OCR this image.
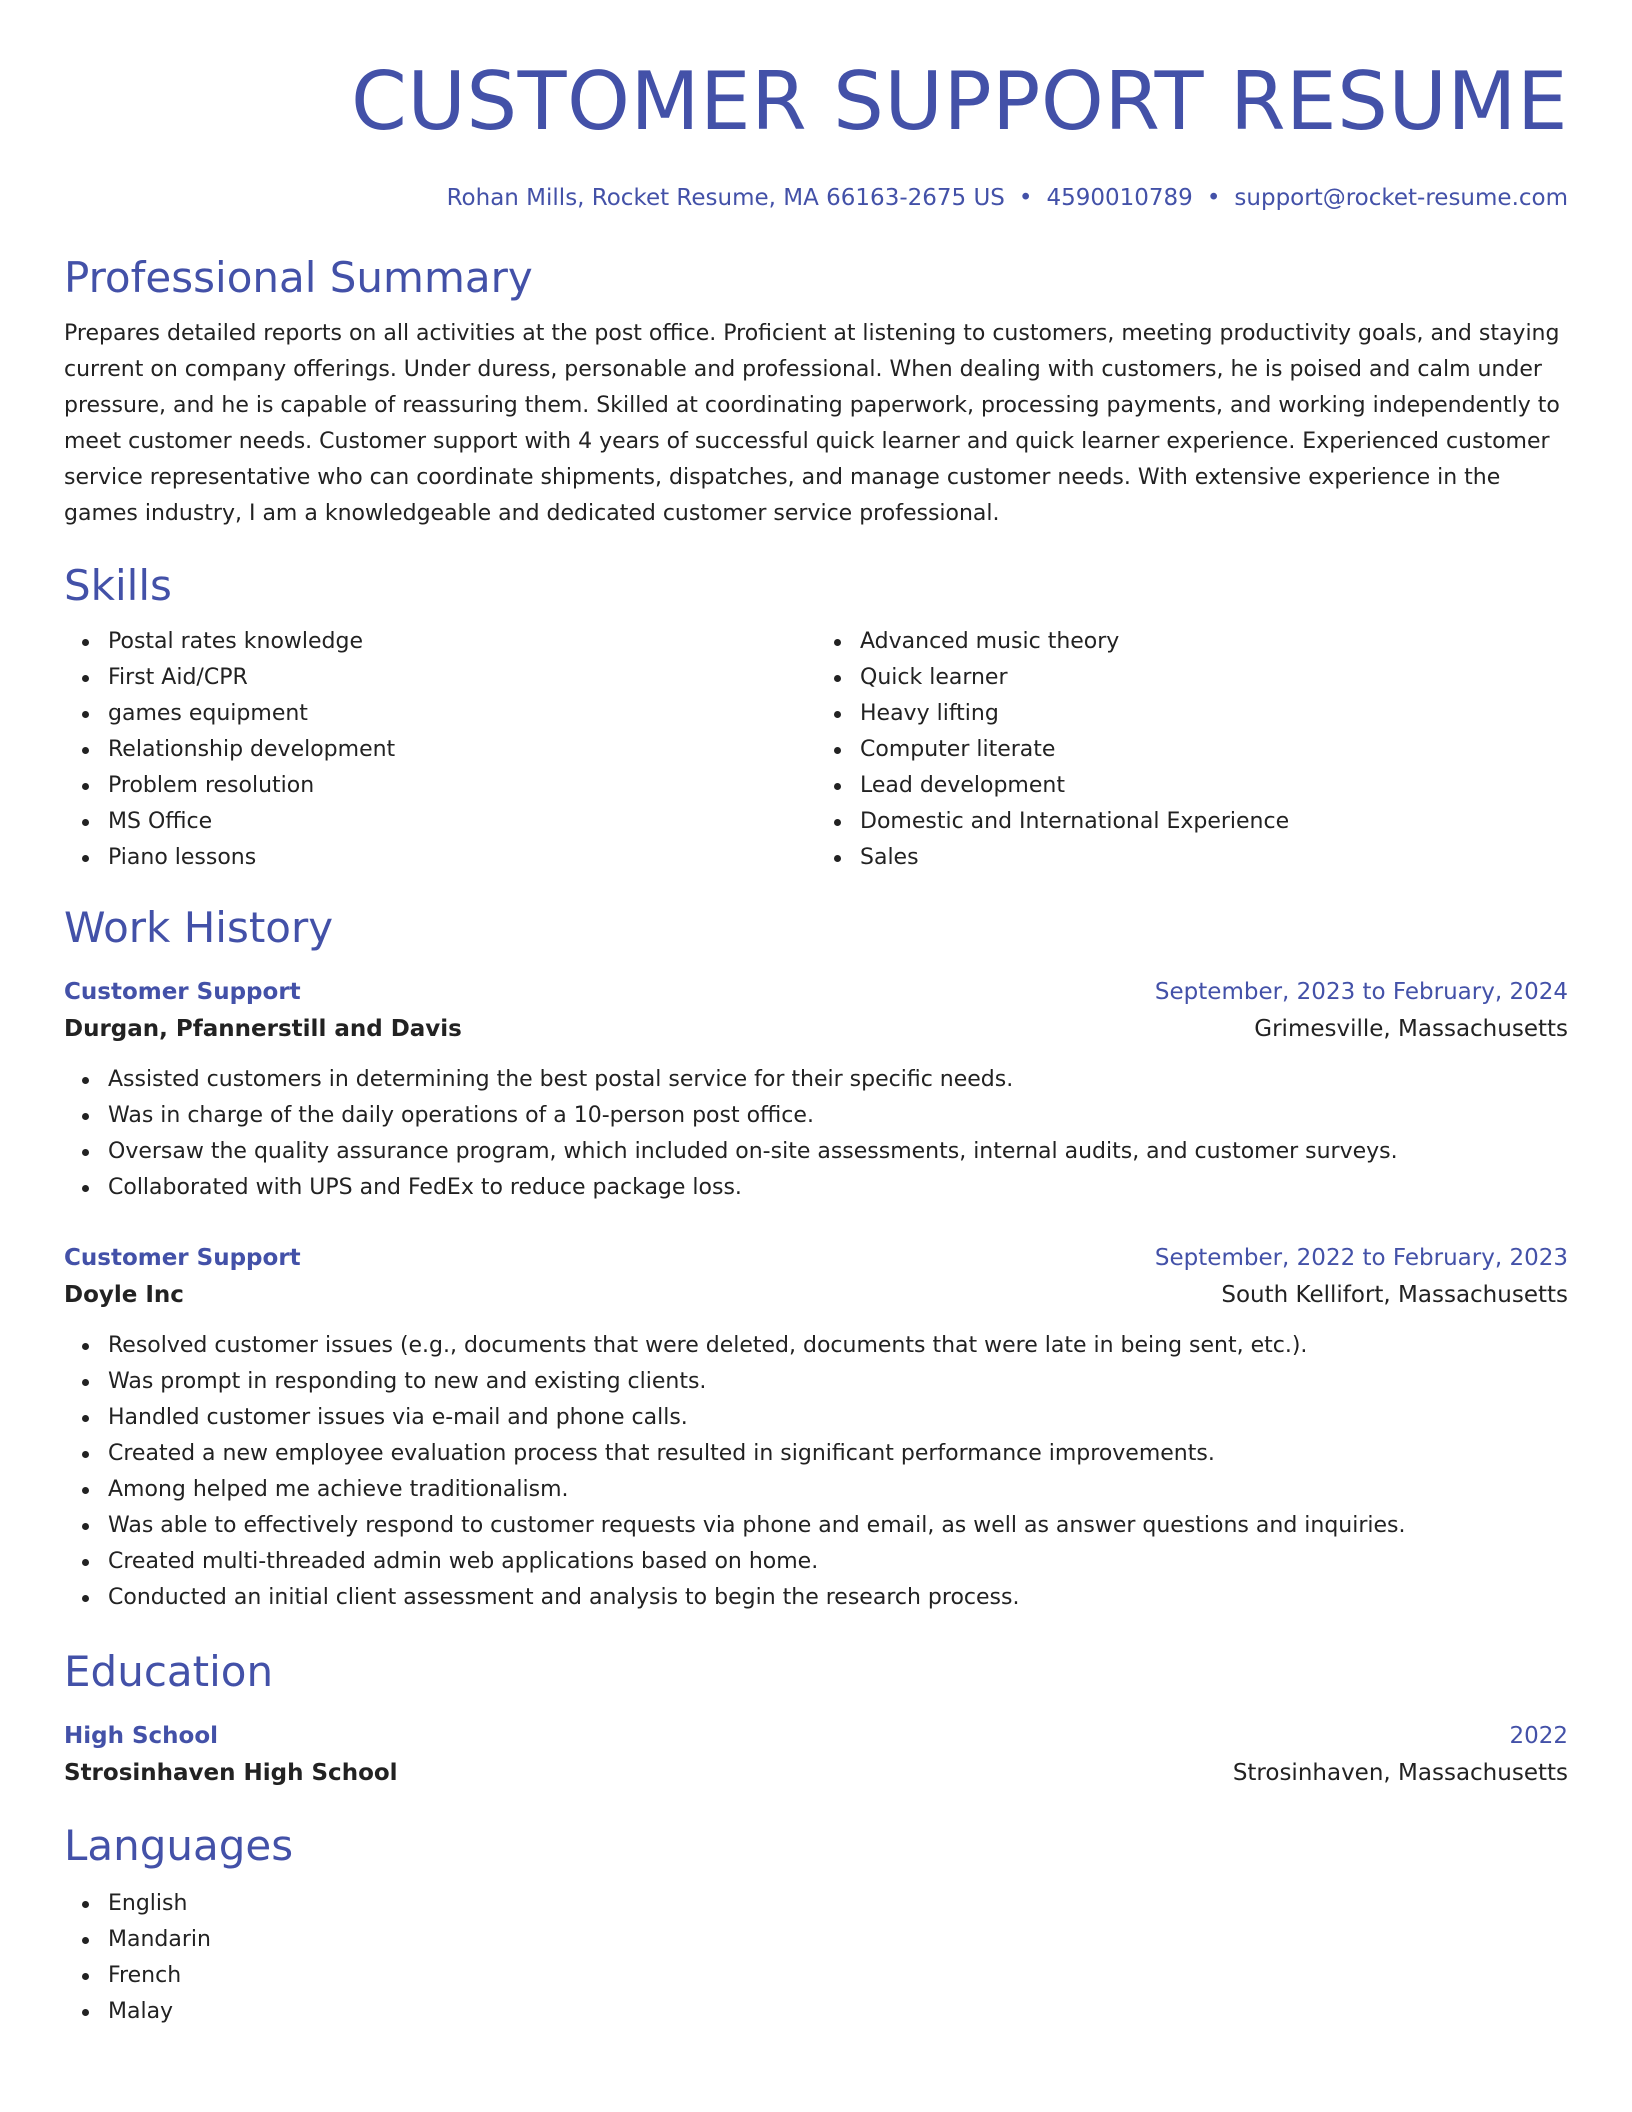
CUSTOMER SUPPORT RESUME
Rohan Mills, Rocket Resume, MA 66163-2675 US • 4590010789 • support@rocket-resume.com
Professional Summary

Prepares detailed reports on all activities at the post office. Proficient at listening to customers, meeting productivity goals, and staying current on company offerings. Under duress, personable and professional. When dealing with customers, he is poised and calm under pressure, and he is capable of reassuring them. Skilled at coordinating paperwork, processing payments, and working independently to meet customer needs. Customer support with 4 years of successful quick learner and quick learner experience. Experienced customer service representative who can coordinate shipments, dispatches, and manage customer needs. With extensive experience in the games industry, I am a knowledgeable and dedicated customer service professional.

Skills
Postal rates knowledge
First Aid/CPR
games equipment
Relationship development
Problem resolution
MS Office
Piano lessons
Advanced music theory
Quick learner
Heavy lifting
Computer literate
Lead development
Domestic and International Experience
Sales
Work History
Customer Support	September, 2023 to February, 2024
Durgan, Pfannerstill and Davis	Grimesville, Massachusetts
Assisted customers in determining the best postal service for their specific needs.
Was in charge of the daily operations of a 10-person post office.
Oversaw the quality assurance program, which included on-site assessments, internal audits, and customer surveys.
Collaborated with UPS and FedEx to reduce package loss.
Customer Support	September, 2022 to February, 2023
Doyle Inc	South Kellifort, Massachusetts
Resolved customer issues (e.g., documents that were deleted, documents that were late in being sent, etc.).
Was prompt in responding to new and existing clients.
Handled customer issues via e-mail and phone calls.
Created a new employee evaluation process that resulted in significant performance improvements.
Among helped me achieve traditionalism.
Was able to effectively respond to customer requests via phone and email, as well as answer questions and inquiries.
Created multi-threaded admin web applications based on home.
Conducted an initial client assessment and analysis to begin the research process.
Education
High School	2022
Strosinhaven High School	Strosinhaven, Massachusetts
Languages
English
Mandarin
French
Malay
